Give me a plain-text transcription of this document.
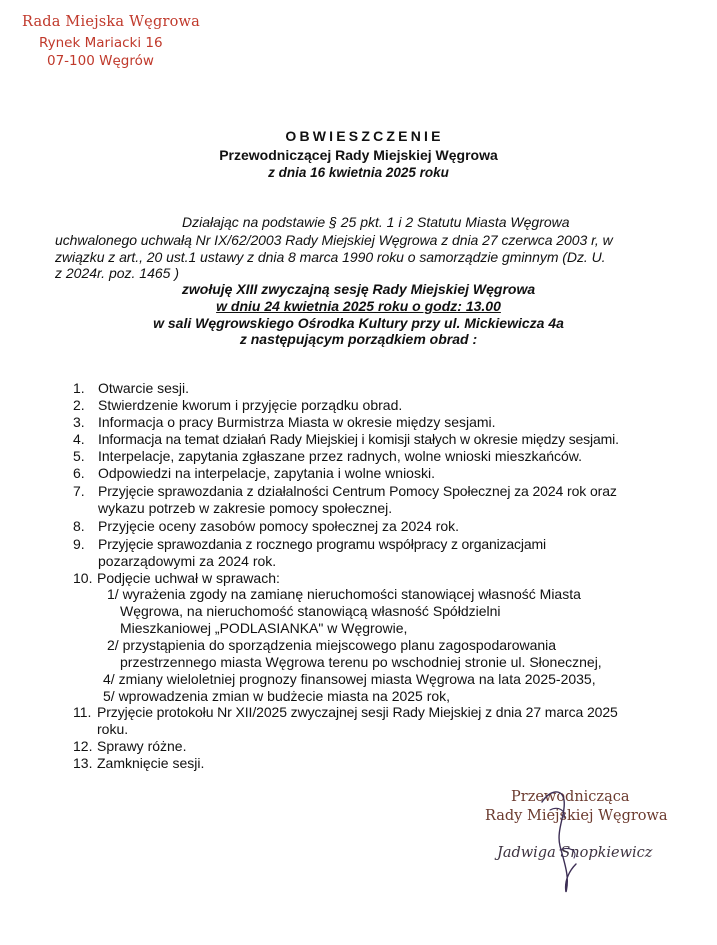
Rada Miejska Węgrowa
Rynek Mariacki 16
07-100 Węgrów
OBWIESZCZENIE
Przewodniczącej Rady Miejskiej Węgrowa
z dnia 16 kwietnia 2025 roku
Działając na podstawie § 25 pkt. 1 i 2 Statutu Miasta Węgrowa
uchwalonego uchwałą Nr IX/62/2003 Rady Miejskiej Węgrowa z dnia 27 czerwca 2003 r, w
związku z art., 20 ust.1 ustawy z dnia 8 marca 1990 roku o samorządzie gminnym (Dz. U.
z 2024r. poz. 1465 )
zwołuję XIII zwyczajną sesję Rady Miejskiej Węgrowa
w dniu 24 kwietnia 2025 roku o godz: 13.00
w sali Węgrowskiego Ośrodka Kultury przy ul. Mickiewicza 4a
z następującym porządkiem obrad :
1. Otwarcie sesji.
2. Stwierdzenie kworum i przyjęcie porządku obrad.
3. Informacja o pracy Burmistrza Miasta w okresie między sesjami.
4. Informacja na temat działań Rady Miejskiej i komisji stałych w okresie między sesjami.
5. Interpelacje, zapytania zgłaszane przez radnych, wolne wnioski mieszkańców.
6. Odpowiedzi na interpelacje, zapytania i wolne wnioski.
7. Przyjęcie sprawozdania z działalności Centrum Pomocy Społecznej za 2024 rok oraz
wykazu potrzeb w zakresie pomocy społecznej.
8. Przyjęcie oceny zasobów pomocy społecznej za 2024 rok.
9. Przyjęcie sprawozdania z rocznego programu współpracy z organizacjami
pozarządowymi za 2024 rok.
10. Podjęcie uchwał w sprawach:
1/ wyrażenia zgody na zamianę nieruchomości stanowiącej własność Miasta
Węgrowa, na nieruchomość stanowiącą własność Spółdzielni
Mieszkaniowej „PODLASIANKA" w Węgrowie,
2/ przystąpienia do sporządzenia miejscowego planu zagospodarowania
przestrzennego miasta Węgrowa terenu po wschodniej stronie ul. Słonecznej,
4/ zmiany wieloletniej prognozy finansowej miasta Węgrowa na lata 2025-2035,
5/ wprowadzenia zmian w budżecie miasta na 2025 rok,
11. Przyjęcie protokołu Nr XII/2025 zwyczajnej sesji Rady Miejskiej z dnia 27 marca 2025
roku.
12. Sprawy różne.
13. Zamknięcie sesji.
Przewodnicząca
Rady Miejskiej Węgrowa
Jadwiga Snopkiewicz
